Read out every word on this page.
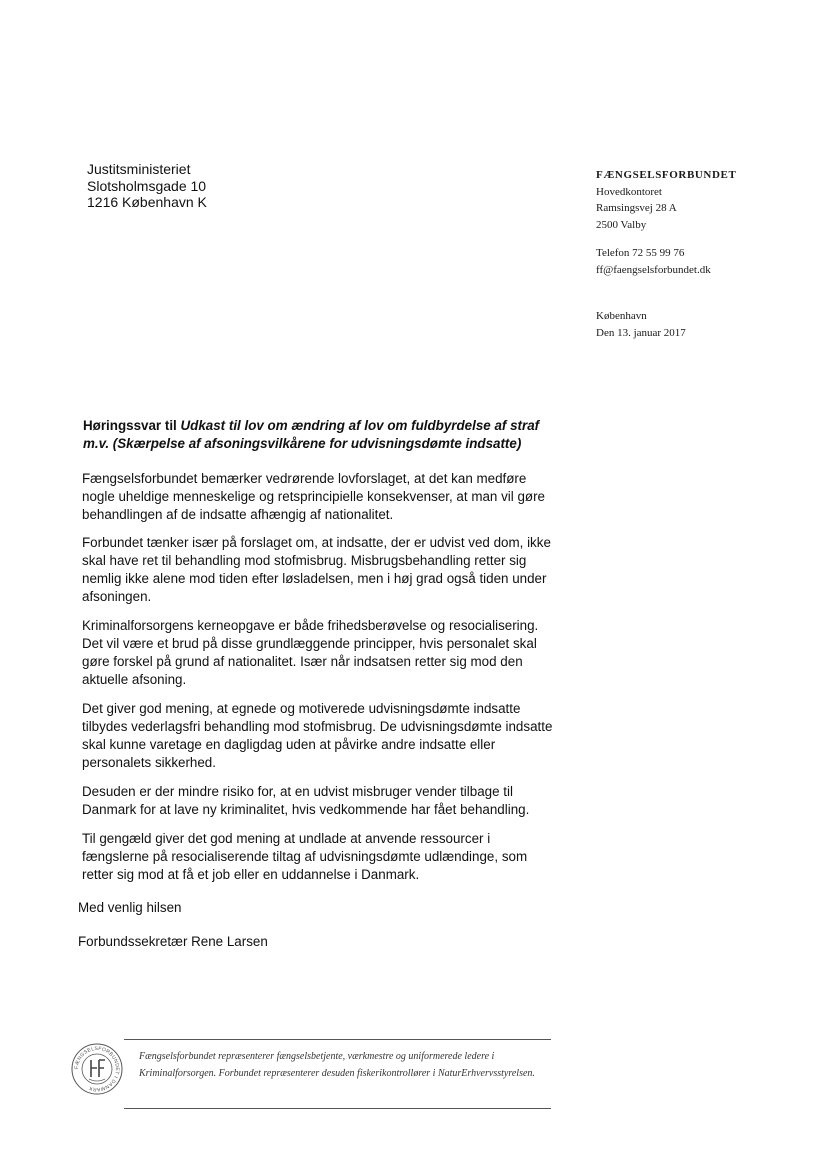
Justitsministeriet
Slotsholmsgade 10
1216 København K
FÆNGSELSFORBUNDET
Hovedkontoret
Ramsingsvej 28 A
2500 Valby
Telefon 72 55 99 76
ff@faengselsforbundet.dk
København
Den 13. januar 2017
Høringssvar til Udkast til lov om ændring af lov om fuldbyrdelse af straf m.v. (Skærpelse af afsoningsvilkårene for udvisningsdømte indsatte)
Fængselsforbundet bemærker vedrørende lovforslaget, at det kan medføre nogle uheldige menneskelige og retsprincipielle konsekvenser, at man vil gøre behandlingen af de indsatte afhængig af nationalitet.
Forbundet tænker især på forslaget om, at indsatte, der er udvist ved dom, ikke skal have ret til behandling mod stofmisbrug. Misbrugsbehandling retter sig nemlig ikke alene mod tiden efter løsladelsen, men i høj grad også tiden under afsoningen.
Kriminalforsorgens kerneopgave er både frihedsberøvelse og resocialisering. Det vil være et brud på disse grundlæggende principper, hvis personalet skal gøre forskel på grund af nationalitet. Især når indsatsen retter sig mod den aktuelle afsoning.
Det giver god mening, at egnede og motiverede udvisningsdømte indsatte tilbydes vederlagsfri behandling mod stofmisbrug. De udvisningsdømte indsatte skal kunne varetage en dagligdag uden at påvirke andre indsatte eller personalets sikkerhed.
Desuden er der mindre risiko for, at en udvist misbruger vender tilbage til Danmark for at lave ny kriminalitet, hvis vedkommende har fået behandling.
Til gengæld giver det god mening at undlade at anvende ressourcer i fængslerne på resocialiserende tiltag af udvisningsdømte udlændinge, som retter sig mod at få et job eller en uddannelse i Danmark.
Med venlig hilsen
Forbundssekretær Rene Larsen
FÆNGSELSFORBUNDET I DANMARK
Fængselsforbundet repræsenterer fængselsbetjente, værkmestre og uniformerede ledere i Kriminalforsorgen. Forbundet repræsenterer desuden fiskerikontrollører i NaturErhvervsstyrelsen.
